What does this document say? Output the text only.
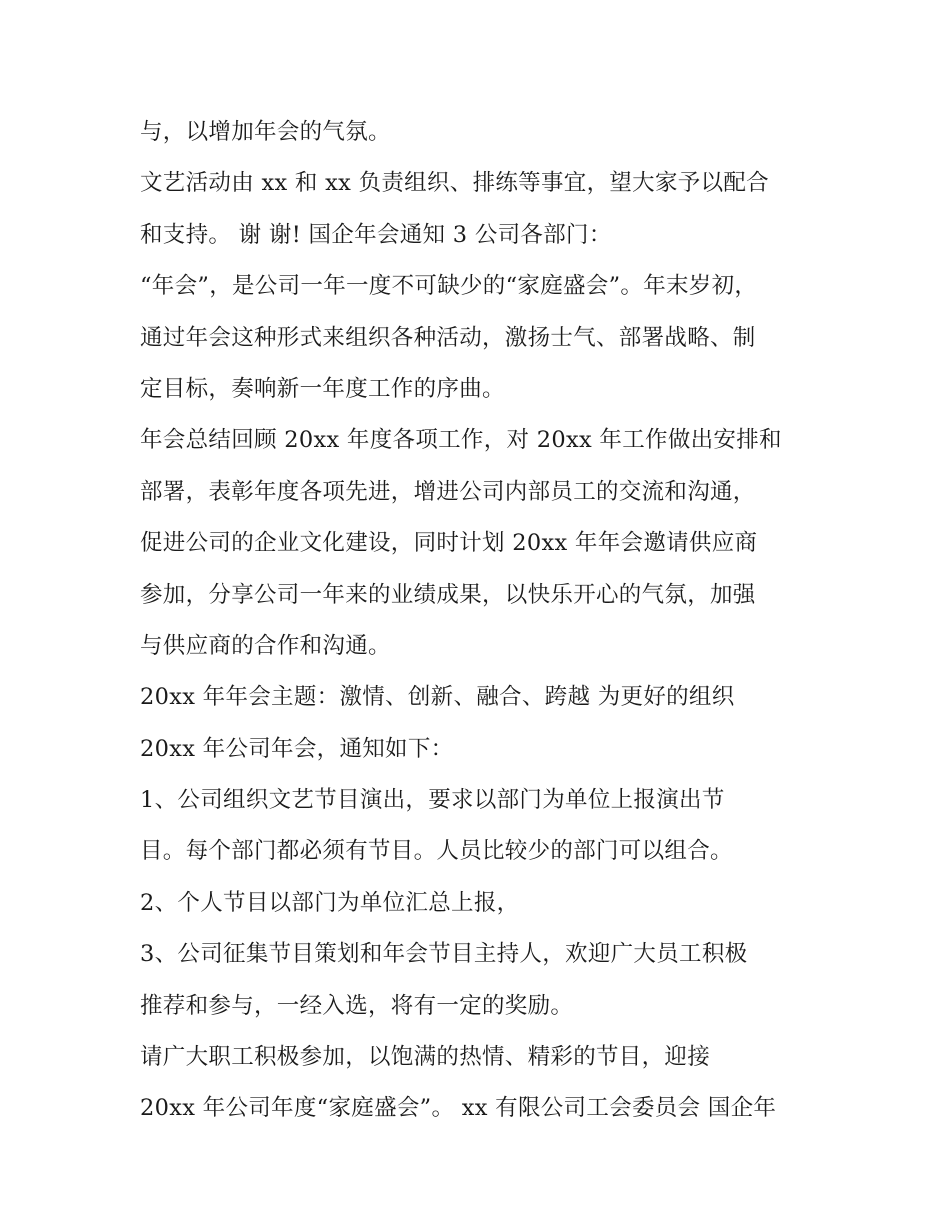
与，以增加年会的气氛。
文艺活动由 xx 和 xx 负责组织、排练等事宜，望大家予以配合
和支持。 谢 谢! 国企年会通知 3 公司各部门：
“年会”，是公司一年一度不可缺少的“家庭盛会”。年末岁初，
通过年会这种形式来组织各种活动，激扬士气、部署战略、制
定目标，奏响新一年度工作的序曲。
年会总结回顾 20xx 年度各项工作，对 20xx 年工作做出安排和
部署，表彰年度各项先进，增进公司内部员工的交流和沟通，
促进公司的企业文化建设，同时计划 20xx 年年会邀请供应商
参加，分享公司一年来的业绩成果，以快乐开心的气氛，加强
与供应商的合作和沟通。
20xx 年年会主题：激情、创新、融合、跨越 为更好的组织
20xx 年公司年会，通知如下：
1、公司组织文艺节目演出，要求以部门为单位上报演出节
目。每个部门都必须有节目。人员比较少的部门可以组合。
2、个人节目以部门为单位汇总上报，
3、公司征集节目策划和年会节目主持人，欢迎广大员工积极
推荐和参与，一经入选，将有一定的奖励。
请广大职工积极参加，以饱满的热情、精彩的节目，迎接
20xx 年公司年度“家庭盛会”。 xx 有限公司工会委员会 国企年
